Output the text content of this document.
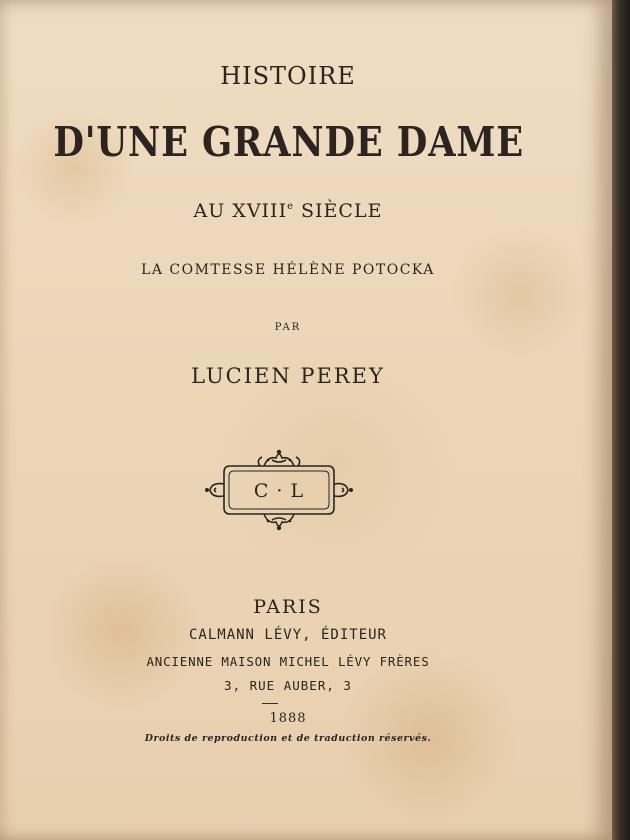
HISTOIRE
D'UNE GRANDE DAME
AU XVIIIe SIÈCLE
LA COMTESSE HÉLÈNE POTOCKA
PAR
LUCIEN PEREY
C · L
PARIS
CALMANN LÉVY, ÉDITEUR
ANCIENNE MAISON MICHEL LÉVY FRÈRES
3, RUE AUBER, 3
1888
Droits de reproduction et de traduction réservés.
